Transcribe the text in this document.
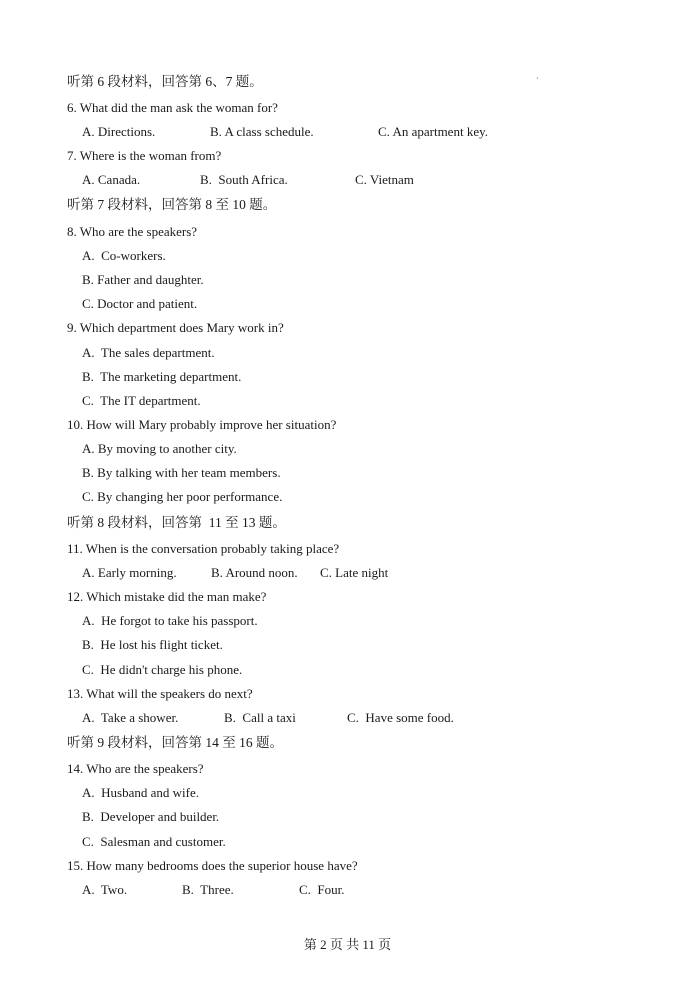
·
听第 6 段材料，回答第 6、7 题。
6. What did the man ask the woman for?
A. Directions.	B. A class schedule.	C. An apartment key.
7. Where is the woman from?
A. Canada.	B.  South Africa.	C. Vietnam
听第 7 段材料，回答第 8 至 10 题。
8. Who are the speakers?
A.  Co-workers.
B. Father and daughter.
C. Doctor and patient.
9. Which department does Mary work in?
A.  The sales department.
B.  The marketing department.
C.  The IT department.
10. How will Mary probably improve her situation?
A. By moving to another city.
B. By talking with her team members.
C. By changing her poor performance.
听第 8 段材料，回答第  11 至 13 题。
11. When is the conversation probably taking place?
A. Early morning.	B. Around noon. C. Late night
12. Which mistake did the man make?
A.  He forgot to take his passport.
B.  He lost his flight ticket.
C.  He didn't charge his phone.
13. What will the speakers do next?
A.  Take a shower.	B.  Call a taxi	C.  Have some food.
听第 9 段材料，回答第 14 至 16 题。
14. Who are the speakers?
A.  Husband and wife.
B.  Developer and builder.
C.  Salesman and customer.
15. How many bedrooms does the superior house have?
A.  Two.	B.  Three.	C.  Four.
第 2 页 共 11 页
